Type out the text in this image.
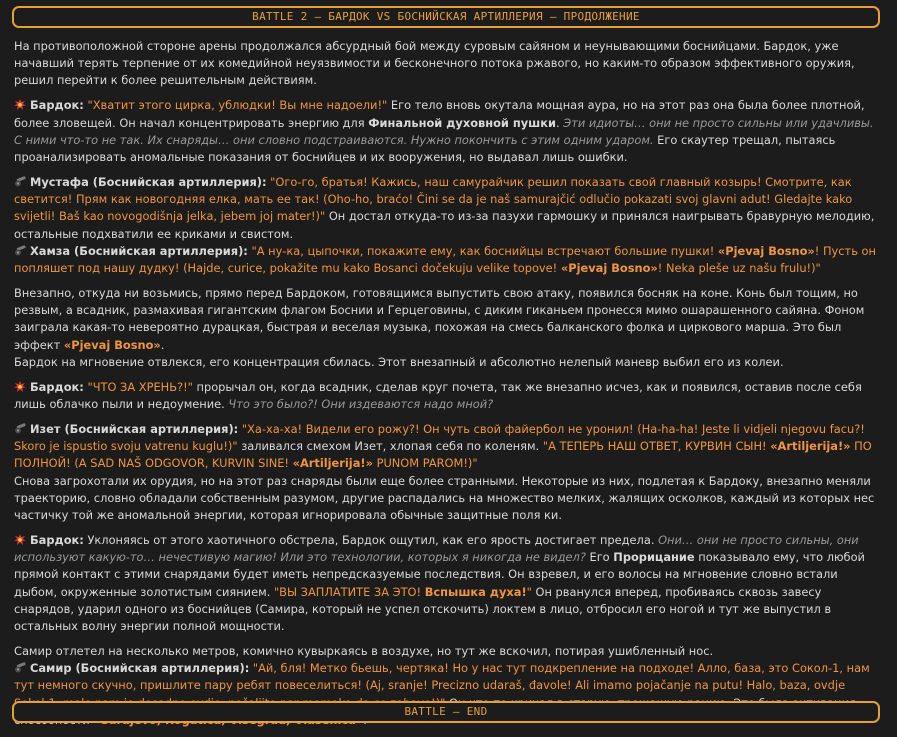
BATTLE 2 – БАРДОК VS БОСНИЙСКАЯ АРТИЛЛЕРИЯ – ПРОДОЛЖЕНИЕ

На противоположной стороне арены продолжался абсурдный бой между суровым сайяном и неунывающими боснийцами. Бардок, уже начавший терять терпение от их комедийной неуязвимости и бесконечного потока ржавого, но каким-то образом эффективного оружия, решил перейти к более решительным действиям.

Бардок: "Хватит этого цирка, ублюдки! Вы мне надоели!" Его тело вновь окутала мощная аура, но на этот раз она была более плотной, более зловещей. Он начал концентрировать энергию для Финальной духовной пушки. Эти идиоты… они не просто сильны или удачливы. С ними что-то не так. Их снаряды… они словно подстраиваются. Нужно покончить с этим одним ударом. Его скаутер трещал, пытаясь проанализировать аномальные показания от боснийцев и их вооружения, но выдавал лишь ошибки.

Мустафа (Боснийская артиллерия): "Ого-го, братья! Кажись, наш самурайчик решил показать свой главный козырь! Смотрите, как светится! Прям как новогодняя елка, мать ее так! (Oho-ho, braćo! Čini se da je naš samurajčić odlučio pokazati svoj glavni adut! Gledajte kako svijetli! Baš kao novogodišnja jelka, jebem joj mater!)" Он достал откуда-то из-за пазухи гармошку и принялся наигрывать бравурную мелодию, остальные подхватили ее криками и свистом.
Хамза (Боснийская артиллерия): "А ну-ка, цыпочки, покажите ему, как боснийцы встречают большие пушки! «Pjevaj Bosno»! Пусть он попляшет под нашу дудку! (Hajde, curice, pokažite mu kako Bosanci dočekuju velike topove! «Pjevaj Bosno»! Neka pleše uz našu frulu!)"

Внезапно, откуда ни возьмись, прямо перед Бардоком, готовящимся выпустить свою атаку, появился босняк на коне. Конь был тощим, но резвым, а всадник, размахивая гигантским флагом Боснии и Герцеговины, с диким гиканьем пронесся мимо ошарашенного сайяна. Фоном заиграла какая-то невероятно дурацкая, быстрая и веселая музыка, похожая на смесь балканского фолка и циркового марша. Это был эффект «Pjevaj Bosno».
Бардок на мгновение отвлекся, его концентрация сбилась. Этот внезапный и абсолютно нелепый маневр выбил его из колеи.

Бардок: "ЧТО ЗА ХРЕНЬ?!" прорычал он, когда всадник, сделав круг почета, так же внезапно исчез, как и появился, оставив после себя лишь облачко пыли и недоумение. Что это было?! Они издеваются надо мной?

Изет (Боснийская артиллерия): "Ха-ха-ха! Видели его рожу?! Он чуть свой файербол не уронил! (Ha-ha-ha! Jeste li vidjeli njegovu facu?! Skoro je ispustio svoju vatrenu kuglu!)" заливался смехом Изет, хлопая себя по коленям. "А ТЕПЕРЬ НАШ ОТВЕТ, КУРВИН СЫН! «Artiljerija!» ПО ПОЛНОЙ! (A SAD NAŠ ODGOVOR, KURVIN SINE! «Artiljerija!» PUNOM PAROM!)"
Снова загрохотали их орудия, но на этот раз снаряды были еще более странными. Некоторые из них, подлетая к Бардоку, внезапно меняли траекторию, словно обладали собственным разумом, другие распадались на множество мелких, жалящих осколков, каждый из которых нес частичку той же аномальной энергии, которая игнорировала обычные защитные поля ки.

Бардок: Уклоняясь от этого хаотичного обстрела, Бардок ощутил, как его ярость достигает предела. Они… они не просто сильны, они используют какую-то… нечестивую магию! Или это технологии, которых я никогда не видел? Его Прорицание показывало ему, что любой прямой контакт с этими снарядами будет иметь непредсказуемые последствия. Он взревел, и его волосы на мгновение словно встали дыбом, окруженные золотистым сиянием. "ВЫ ЗАПЛАТИТЕ ЗА ЭТО! Вспышка духа!" Он рванулся вперед, пробиваясь сквозь завесу снарядов, ударил одного из боснийцев (Самира, который не успел отскочить) локтем в лицо, отбросил его ногой и тут же выпустил в остальных волну энергии полной мощности.

Самир отлетел на несколько метров, комично кувыркаясь в воздухе, но тут же вскочил, потирая ушибленный нос.
Самир (Боснийская артиллерия): "Ай, бля! Метко бьешь, чертяка! Но у нас тут подкрепление на подходе! Алло, база, это Сокол-1, нам тут немного скучно, пришлите пару ребят повеселиться! (Aj, sranje! Precizno udaraš, đavole! Ali imamo pojačanje na putu! Halo, baza, ovdje

BATTLE – END
